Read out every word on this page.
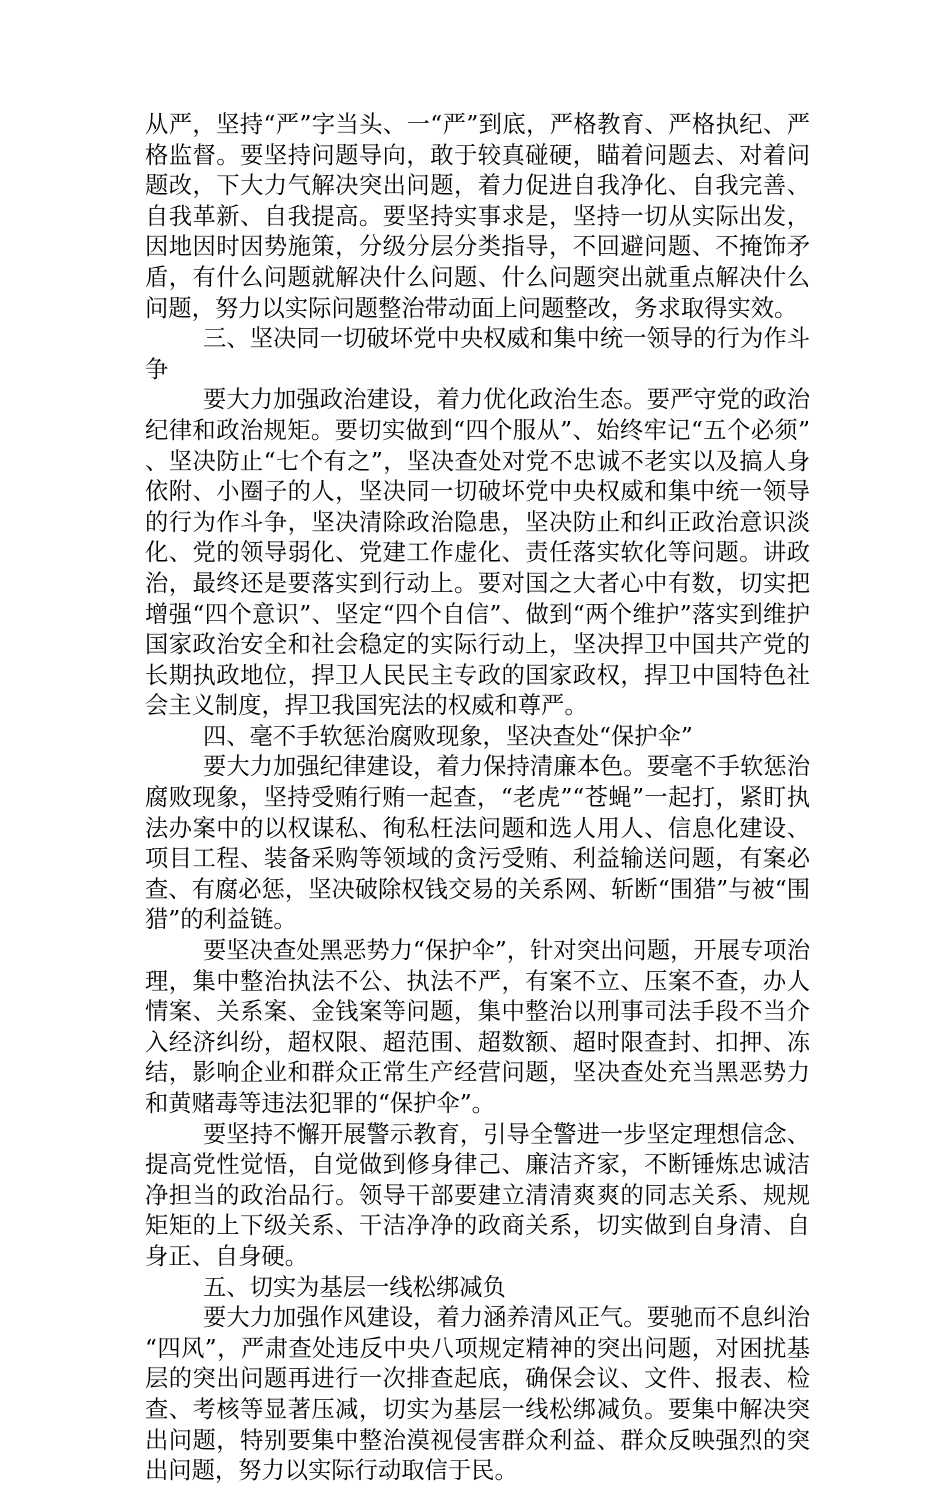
从严，坚持“严”字当头、一“严”到底，严格教育、严格执纪、严格监督。要坚持问题导向，敢于较真碰硬，瞄着问题去、对着问题改，下大力气解决突出问题，着力促进自我净化、自我完善、自我革新、自我提高。要坚持实事求是，坚持一切从实际出发，因地因时因势施策，分级分层分类指导，不回避问题、不掩饰矛盾，有什么问题就解决什么问题、什么问题突出就重点解决什么问题，努力以实际问题整治带动面上问题整改，务求取得实效。

三、坚决同一切破坏党中央权威和集中统一领导的行为作斗争

要大力加强政治建设，着力优化政治生态。要严守党的政治纪律和政治规矩。要切实做到“四个服从”、始终牢记“五个必须”、坚决防止“七个有之”，坚决查处对党不忠诚不老实以及搞人身依附、小圈子的人，坚决同一切破坏党中央权威和集中统一领导的行为作斗争，坚决清除政治隐患，坚决防止和纠正政治意识淡化、党的领导弱化、党建工作虚化、责任落实软化等问题。讲政治，最终还是要落实到行动上。要对国之大者心中有数，切实把增强“四个意识”、坚定“四个自信”、做到“两个维护”落实到维护国家政治安全和社会稳定的实际行动上，坚决捍卫中国共产党的长期执政地位，捍卫人民民主专政的国家政权，捍卫中国特色社会主义制度，捍卫我国宪法的权威和尊严。

四、毫不手软惩治腐败现象，坚决查处“保护伞”

要大力加强纪律建设，着力保持清廉本色。要毫不手软惩治腐败现象，坚持受贿行贿一起查，“老虎”“苍蝇”一起打，紧盯执法办案中的以权谋私、徇私枉法问题和选人用人、信息化建设、项目工程、装备采购等领域的贪污受贿、利益输送问题，有案必查、有腐必惩，坚决破除权钱交易的关系网、斩断“围猎”与被“围猎”的利益链。

要坚决查处黑恶势力“保护伞”，针对突出问题，开展专项治理，集中整治执法不公、执法不严，有案不立、压案不查，办人情案、关系案、金钱案等问题，集中整治以刑事司法手段不当介入经济纠纷，超权限、超范围、超数额、超时限查封、扣押、冻结，影响企业和群众正常生产经营问题，坚决查处充当黑恶势力和黄赌毒等违法犯罪的“保护伞”。

要坚持不懈开展警示教育，引导全警进一步坚定理想信念、提高党性觉悟，自觉做到修身律己、廉洁齐家，不断锤炼忠诚洁净担当的政治品行。领导干部要建立清清爽爽的同志关系、规规矩矩的上下级关系、干洁净净的政商关系，切实做到自身清、自身正、自身硬。

五、切实为基层一线松绑减负

要大力加强作风建设，着力涵养清风正气。要驰而不息纠治“四风”，严肃查处违反中央八项规定精神的突出问题，对困扰基层的突出问题再进行一次排查起底，确保会议、文件、报表、检查、考核等显著压减，切实为基层一线松绑减负。要集中解决突出问题，特别要集中整治漠视侵害群众利益、群众反映强烈的突出问题，努力以实际行动取信于民。
